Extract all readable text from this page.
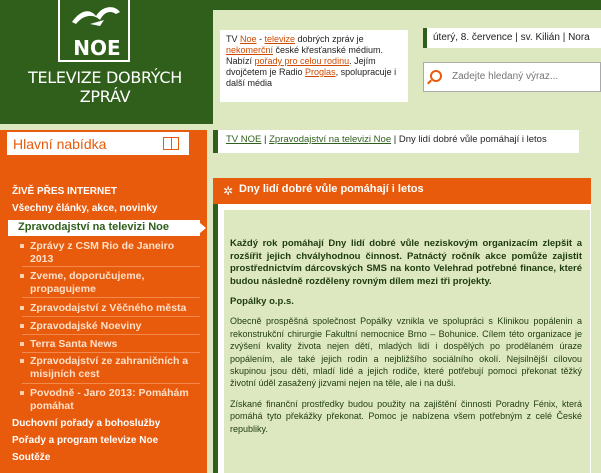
NOE
TELEVIZE DOBRÝCH ZPRÁV
Hlavní nabídka
ŽIVĚ PŘES INTERNET
Všechny články, akce, novinky
Zpravodajství na televizi Noe
Zprávy z CSM Rio de Janeiro 2013
Zveme, doporučujeme, propagujeme
Zpravodajství z Věčného města
Zpravodajské Noeviny
Terra Santa News
Zpravodajství ze zahraničních a misijních cest
Povodně - Jaro 2013: Pomáhám pomáhat
Duchovní pořady a bohoslužby
Pořady a program televize Noe
Soutěže
TV Noe - televize dobrých zpráv je nekomerční české křesťanské médium. Nabízí pořady pro celou rodinu. Jejím dvojčetem je Radio Proglas, spolupracuje i další média
úterý, 8. července | sv. Kilián | Nora
Zadejte hledaný výraz...
TV NOE | Zpravodajství na televizi Noe | Dny lidí dobré vůle pomáhají i letos
✲ Dny lidí dobré vůle pomáhají i letos

Každý rok pomáhají Dny lidí dobré vůle neziskovým organizacím zlepšit a rozšířit jejich chvályhodnou činnost. Patnáctý ročník akce pomůže zajistit prostřednictvím dárcovských SMS na konto Velehrad potřebné finance, které budou následně rozděleny rovným dílem mezi tři projekty.

Popálky o.p.s.

Obecně prospěšná společnost Popálky vznikla ve spolupráci s Klinikou popálenin a rekonstrukční chirurgie Fakultní nemocnice Brno – Bohunice. Cílem této organizace je zvýšení kvality života nejen dětí, mladých lidí i dospělých po prodělaném úraze popálením, ale také jejich rodin a nejbližšího sociálního okolí. Nejsilnější cílovou skupinou jsou děti, mladí lidé a jejich rodiče, které potřebují pomoci překonat těžký životní úděl zasažený jizvami nejen na těle, ale i na duši.

Získané finanční prostředky budou použity na zajištění činnosti Poradny Fénix, která pomáhá tyto překážky překonat. Pomoc je nabízena všem potřebným z celé České republiky.
